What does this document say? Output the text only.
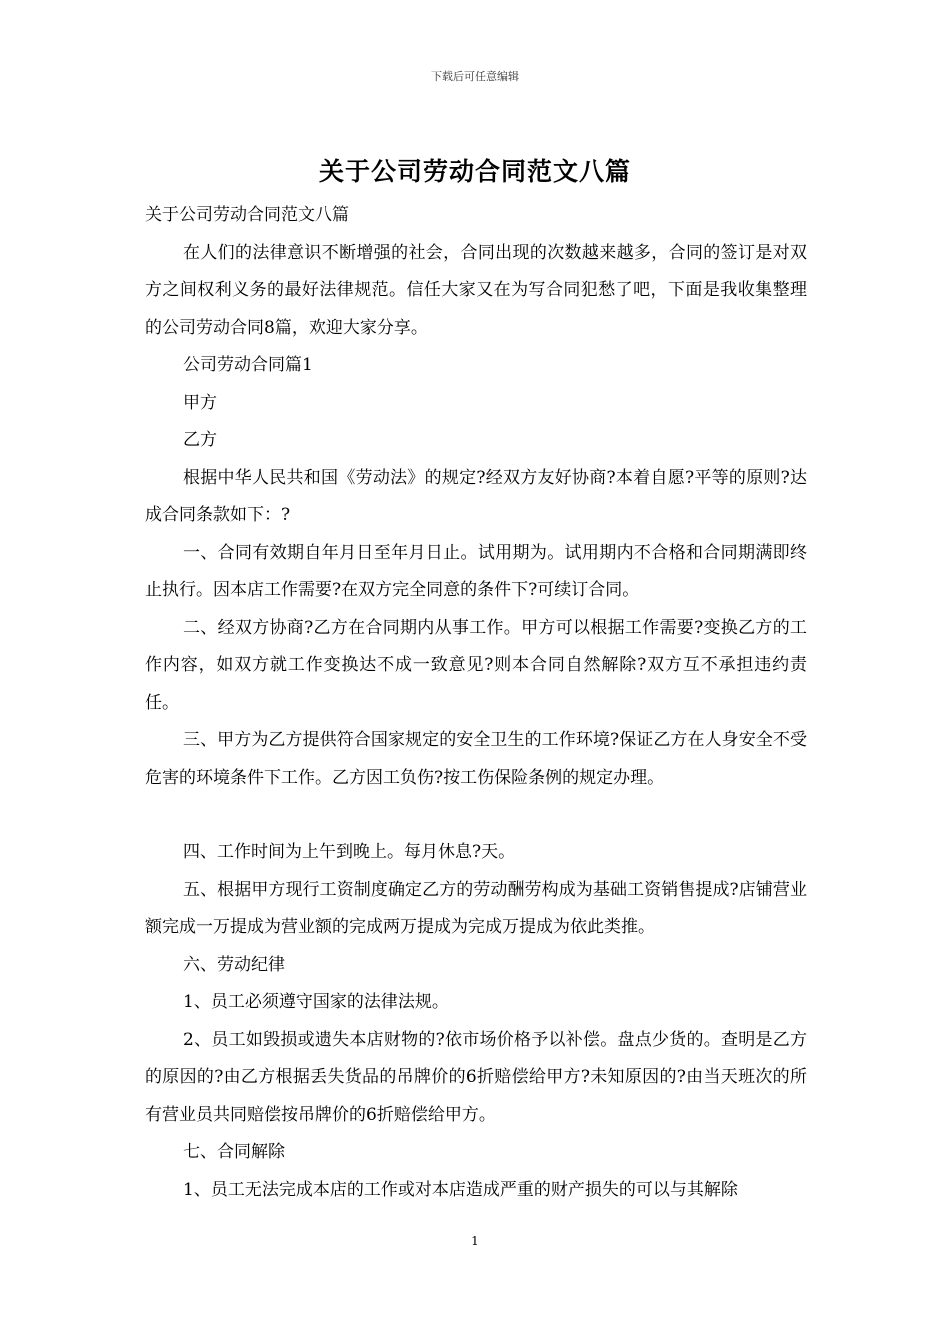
下载后可任意编辑
关于公司劳动合同范文八篇

关于公司劳动合同范文八篇

在人们的法律意识不断增强的社会，合同出现的次数越来越多，合同的签订是对双方之间权利义务的最好法律规范。信任大家又在为写合同犯愁了吧，下面是我收集整理的公司劳动合同8篇，欢迎大家分享。

公司劳动合同篇1

甲方

乙方

根据中华人民共和国《劳动法》的规定?经双方友好协商?本着自愿?平等的原则?达成合同条款如下：?

一、合同有效期自年月日至年月日止。试用期为。试用期内不合格和合同期满即终止执行。因本店工作需要?在双方完全同意的条件下?可续订合同。

二、经双方协商?乙方在合同期内从事工作。甲方可以根据工作需要?变换乙方的工作内容，如双方就工作变换达不成一致意见?则本合同自然解除?双方互不承担违约责任。

三、甲方为乙方提供符合国家规定的安全卫生的工作环境?保证乙方在人身安全不受危害的环境条件下工作。乙方因工负伤?按工伤保险条例的规定办理。

四、工作时间为上午到晚上。每月休息?天。

五、根据甲方现行工资制度确定乙方的劳动酬劳构成为基础工资销售提成?店铺营业额完成一万提成为营业额的完成两万提成为完成万提成为依此类推。

六、劳动纪律

1、员工必须遵守国家的法律法规。

2、员工如毁损或遗失本店财物的?依市场价格予以补偿。盘点少货的。查明是乙方的原因的?由乙方根据丢失货品的吊牌价的6折赔偿给甲方?未知原因的?由当天班次的所有营业员共同赔偿按吊牌价的6折赔偿给甲方。

七、合同解除

1、员工无法完成本店的工作或对本店造成严重的财产损失的可以与其解除

1
